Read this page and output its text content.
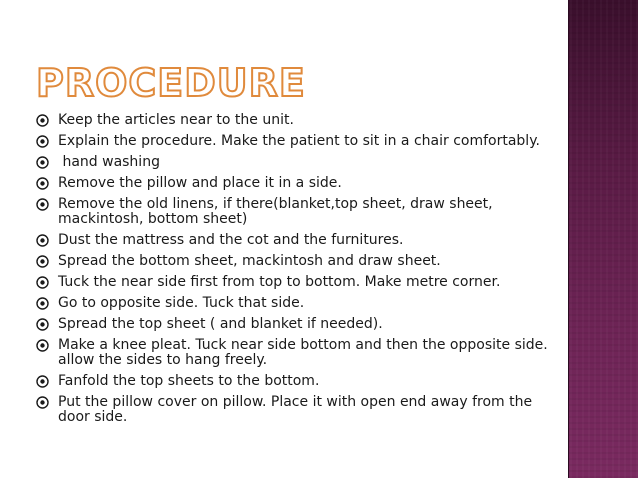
PROCEDURE
Keep the articles near to the unit.
Explain the procedure. Make the patient to sit in a chair comfortably.
hand washing
Remove the pillow and place it in a side.
Remove the old linens, if there(blanket,top sheet, draw sheet, mackintosh, bottom sheet)
Dust the mattress and the cot and the furnitures.
Spread the bottom sheet, mackintosh and draw sheet.
Tuck the near side first from top to bottom. Make metre corner.
Go to opposite side. Tuck that side.
Spread the top sheet ( and blanket if needed).
Make a knee pleat. Tuck near side bottom and then the opposite side. allow the sides to hang freely.
Fanfold the top sheets to the bottom.
Put the pillow cover on pillow. Place it with open end away from the door side.
